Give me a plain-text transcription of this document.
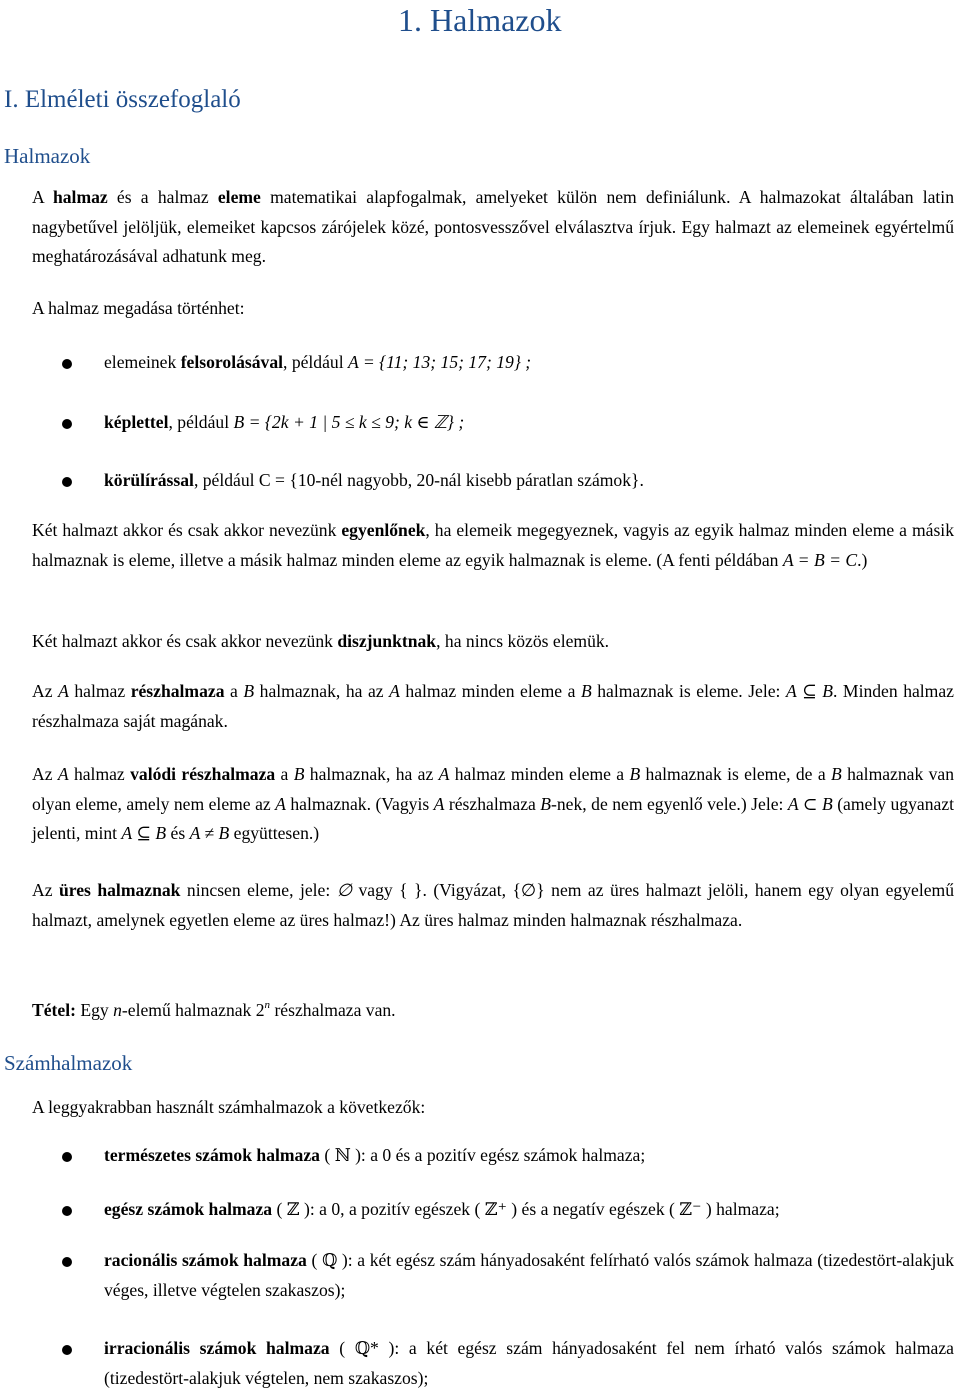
1. Halmazok
I. Elméleti összefoglaló
Halmazok
A halmaz és a halmaz eleme matematikai alapfogalmak, amelyeket külön nem definiálunk. A halmazokat általában latin nagybetűvel jelöljük, elemeiket kapcsos zárójelek közé, pontosvesszővel elválasztva írjuk. Egy halmazt az elemeinek egyértelmű meghatározásával adhatunk meg.
A halmaz megadása történhet:
elemeinek felsorolásával, például A = {11; 13; 15; 17; 19} ;
képlettel, például B = {2k + 1 | 5 ≤ k ≤ 9; k ∈ ℤ} ;
körülírással, például C = {10-nél nagyobb, 20-nál kisebb páratlan számok}.
Két halmazt akkor és csak akkor nevezünk egyenlőnek, ha elemeik megegyeznek, vagyis az egyik halmaz minden eleme a másik halmaznak is eleme, illetve a másik halmaz minden eleme az egyik halmaznak is eleme. (A fenti példában A = B = C.)
Két halmazt akkor és csak akkor nevezünk diszjunktnak, ha nincs közös elemük.
Az A halmaz részhalmaza a B halmaznak, ha az A halmaz minden eleme a B halmaznak is eleme. Jele: A ⊆ B. Minden halmaz részhalmaza saját magának.
Az A halmaz valódi részhalmaza a B halmaznak, ha az A halmaz minden eleme a B halmaznak is eleme, de a B halmaznak van olyan eleme, amely nem eleme az A halmaznak. (Vagyis A részhalmaza B-nek, de nem egyenlő vele.) Jele: A ⊂ B (amely ugyanazt jelenti, mint A ⊆ B és A ≠ B együttesen.)
Az üres halmaznak nincsen eleme, jele: ∅ vagy { }. (Vigyázat, {∅} nem az üres halmazt jelöli, hanem egy olyan egyelemű halmazt, amelynek egyetlen eleme az üres halmaz!) Az üres halmaz minden halmaznak részhalmaza.
Tétel: Egy n-elemű halmaznak 2$^n$ részhalmaza van.
Számhalmazok
A leggyakrabban használt számhalmazok a következők:
természetes számok halmaza ( ℕ ): a 0 és a pozitív egész számok halmaza;
egész számok halmaza ( ℤ ): a 0, a pozitív egészek ( ℤ⁺ ) és a negatív egészek ( ℤ⁻ ) halmaza;
racionális számok halmaza ( ℚ ): a két egész szám hányadosaként felírható valós számok halmaza (tizedestört-alakjuk véges, illetve végtelen szakaszos);
irracionális számok halmaza ( ℚ* ): a két egész szám hányadosaként fel nem írható valós számok halmaza (tizedestört-alakjuk végtelen, nem szakaszos);
